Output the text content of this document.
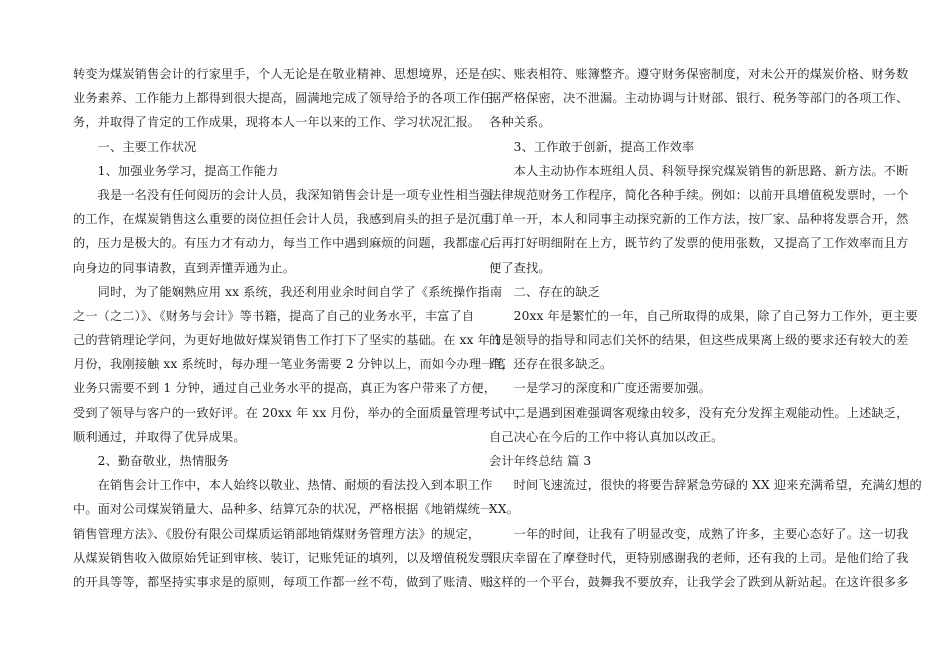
转变为煤炭销售会计的行家里手，个人无论是在敬业精神、思想境界，还是在
业务素养、工作能力上都得到很大提高，圆满地完成了领导给予的各项工作任
务，并取得了肯定的工作成果，现将本人一年以来的工作、学习状况汇报。
　　一、主要工作状况
　　1、加强业务学习，提高工作能力
　　我是一名没有任何阅历的会计人员，我深知销售会计是一项专业性相当强
的工作，在煤炭销售这么重要的岗位担任会计人员，我感到肩头的担子是沉重
的，压力是极大的。有压力才有动力，每当工作中遇到麻烦的问题，我都虚心
向身边的同事请教，直到弄懂弄通为止。
　　同时，为了能娴熟应用 xx 系统，我还利用业余时间自学了《系统操作指南
之一（之二）》、《财务与会计》等书籍，提高了自己的业务水平，丰富了自
己的营销理论学问，为更好地做好煤炭销售工作打下了坚实的基础。在 xx 年 1
月份，我刚接触 xx 系统时，每办理一笔业务需要 2 分钟以上，而如今办理一笔
业务只需要不到 1 分钟，通过自己业务水平的提高，真正为客户带来了方便，
受到了领导与客户的一致好评。在 20xx 年 xx 月份，举办的全面质量管理考试中，
顺利通过，并取得了优异成果。
　　2、勤奋敬业，热情服务
　　在销售会计工作中，本人始终以敬业、热情、耐烦的看法投入到本职工作
中。面对公司煤炭销量大、品种多、结算冗杂的状况，严格根据《地销煤统一
销售管理方法》、《股份有限公司煤质运销部地销煤财务管理方法》的规定，
从煤炭销售收入做原始凭证到审核、装订，记账凭证的填列，以及增值税发票
的开具等等，都坚持实事求是的原则，每项工作都一丝不苟，做到了账清、账
实、账表相符、账簿整齐。遵守财务保密制度，对未公开的煤炭价格、财务数
据严格保密，决不泄漏。主动协调与计财部、银行、税务等部门的各项工作、
各种关系。
　　3、工作敢于创新，提高工作效率
　　本人主动协作本班组人员、科领导探究煤炭销售的新思路、新方法。不断
法律规范财务工作程序，简化各种手续。例如：以前开具增值税发票时，一个
订单一开，本人和同事主动探究新的工作方法，按厂家、品种将发票合开，然
后再打好明细附在上方，既节约了发票的使用张数，又提高了工作效率而且方
便了查找。
　　二、存在的缺乏
　　20xx 年是繁忙的一年，自己所取得的成果，除了自己努力工作外，更主要
的是领导的指导和同志们关怀的结果，但这些成果离上级的要求还有较大的差
距，还存在很多缺乏。
　　一是学习的深度和广度还需要加强。
　　二是遇到困难强调客观缘由较多，没有充分发挥主观能动性。上述缺乏，
自己决心在今后的工作中将认真加以改正。
会计年终总结 篇 3
　　时间飞速流过，很快的将要告辞紧急劳碌的 XX 迎来充满希望，充满幻想的
XX。
　　一年的时间，让我有了明显改变，成熟了许多，主要心态好了。这一切我
很庆幸留在了摩登时代，更特别感谢我的老师，还有我的上司。是他们给了我
这样的一个平台，鼓舞我不要放弃，让我学会了跌到从新站起。在这许很多多
